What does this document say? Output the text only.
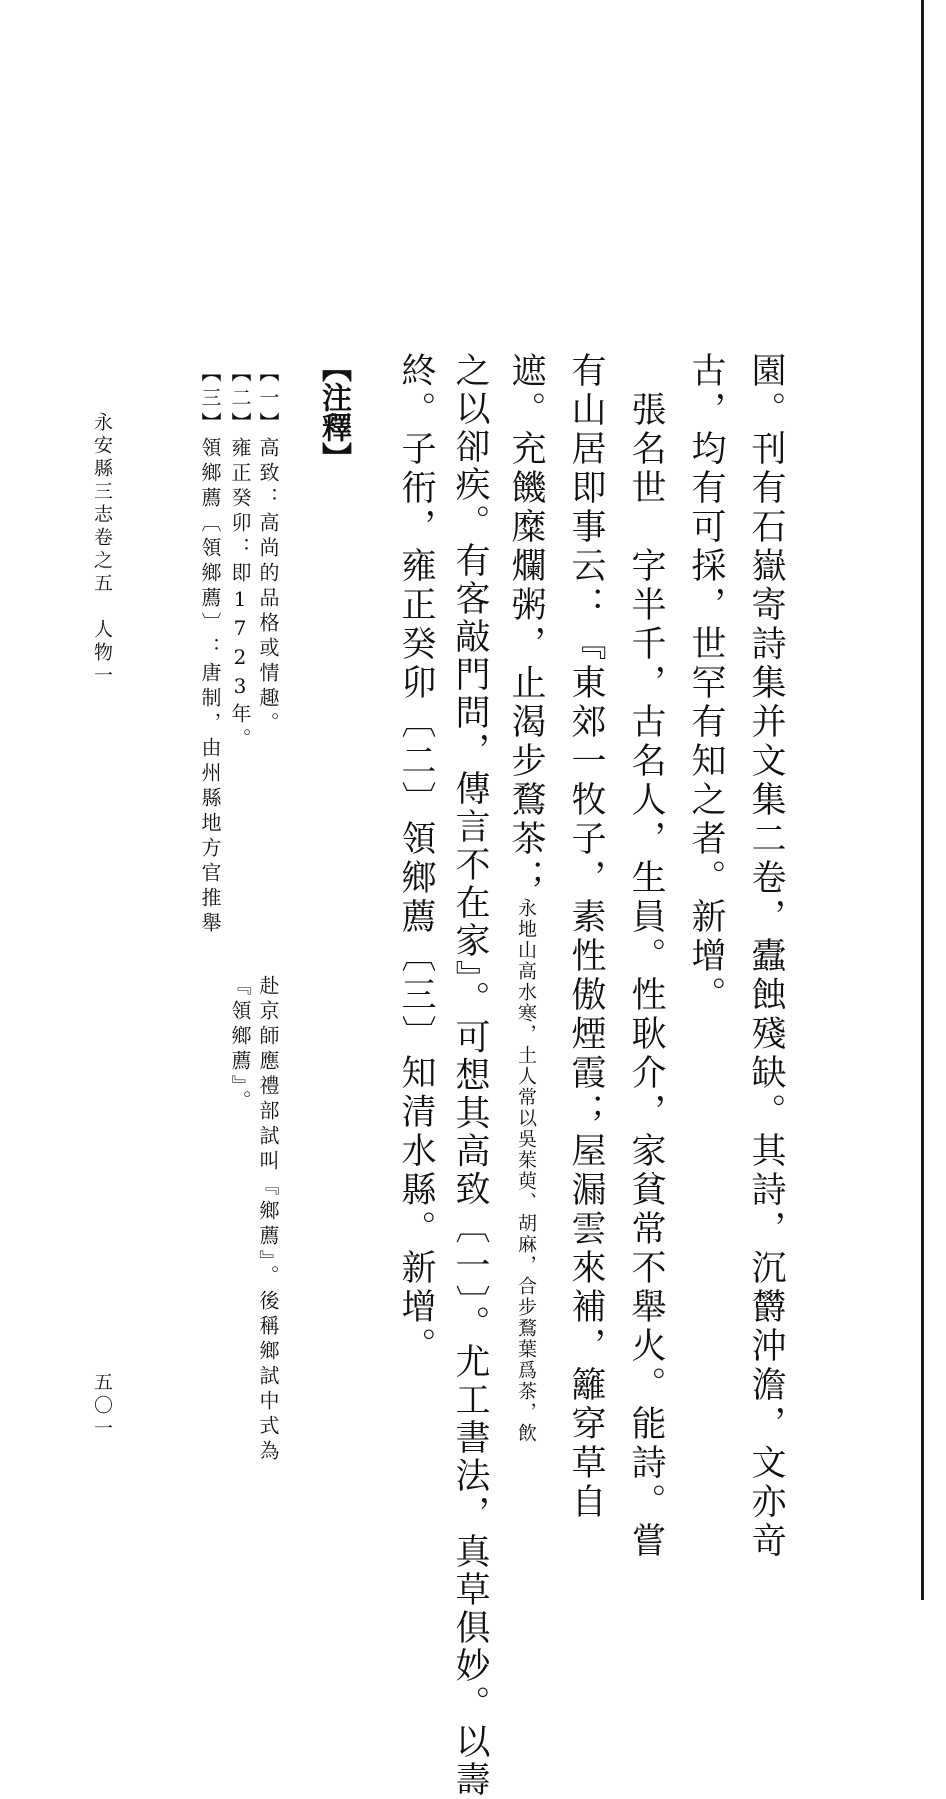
園。刊有石嶽寄詩集并文集二卷，蠹蝕殘缺。其詩，沉欝沖澹，文亦竒
古，均有可採，世罕有知之者。新增。
　張名世　字半千，古名人，生員。性耿介，家貧常不舉火。能詩。嘗
有山居即事云：『東郊一牧子，素性傲煙霞；屋漏雲來補，籬穿草自
遮。充饑糜爛粥，止渴步鶩茶；永地山高水寒，土人常以吳茱萸、胡麻，合步鶩葉爲茶，飲
之以卻疾。有客敲門問，傳言不在家』。可想其高致〔一〕。尤工書法，真草俱妙。以壽
終。子衎，雍正癸卯〔二〕領鄉薦〔三〕知清水縣。新增。
【注釋】
【一】高致：高尚的品格或情趣。
【二】雍正癸卯：即1723年。
【三】領鄉薦〔領鄉薦〕：唐制，由州縣地方官推舉
赴京師應禮部試叫『鄉薦』。後稱鄉試中式為
『領鄉薦』。
永安縣三志卷之五　人物一
五〇一
